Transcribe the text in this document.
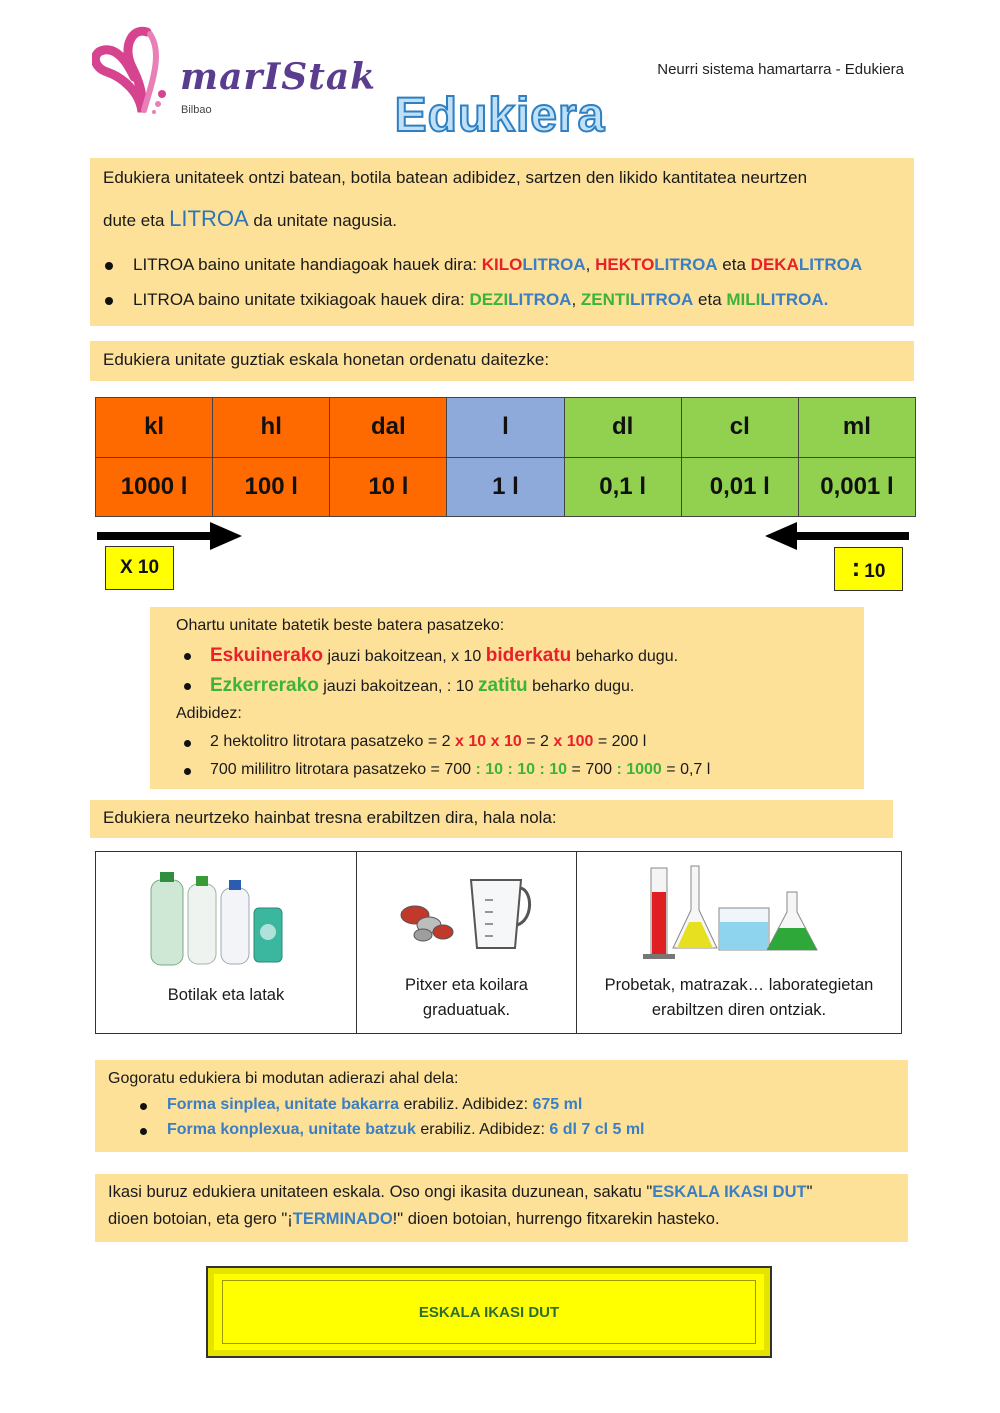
marIStak
Bilbao
Neurri sistema hamartarra - Edukiera
Edukiera

Edukiera unitateek ontzi batean, botila batean adibidez, sartzen den likido kantitatea neurtzen

dute eta LITROA da unitate nagusia.

LITROA baino unitate handiagoak hauek dira: KILOLITROA, HEKTOLITROA eta DEKALITROA

LITROA baino unitate txikiagoak hauek dira: DEZILITROA, ZENTILITROA eta MILILITROA.

Edukiera unitate guztiak eskala honetan ordenatu daitezke:
kl	hl	dal	l	dl	cl	ml
1000 l	100 l	10 l	1 l	0,1 l	0,01 l	0,001 l
X 10	: 10
Ohartu unitate batetik beste batera pasatzeko:
Eskuinerako jauzi bakoitzean, x 10 biderkatu beharko dugu.
Ezkerrerako jauzi bakoitzean, : 10 zatitu beharko dugu.
Adibidez:
2 hektolitro litrotara pasatzeko = 2 x 10 x 10 = 2 x 100 = 200 l
700 mililitro litrotara pasatzeko = 700 : 10 : 10 : 10 = 700 : 1000 = 0,7 l
Edukiera neurtzeko hainbat tresna erabiltzen dira, hala nola:
Botilak eta latak

Pitxer eta koilara
graduatuak.

Probetak, matrazak… laborategietan
erabiltzen diren ontziak.
Gogoratu edukiera bi modutan adierazi ahal dela:
Forma sinplea, unitate bakarra erabiliz. Adibidez: 675 ml
Forma konplexua, unitate batzuk erabiliz. Adibidez: 6 dl 7 cl 5 ml
Ikasi buruz edukiera unitateen eskala. Oso ongi ikasita duzunean, sakatu "ESKALA IKASI DUT"
dioen botoian, eta gero "¡TERMINADO!" dioen botoian, hurrengo fitxarekin hasteko.
ESKALA IKASI DUT
